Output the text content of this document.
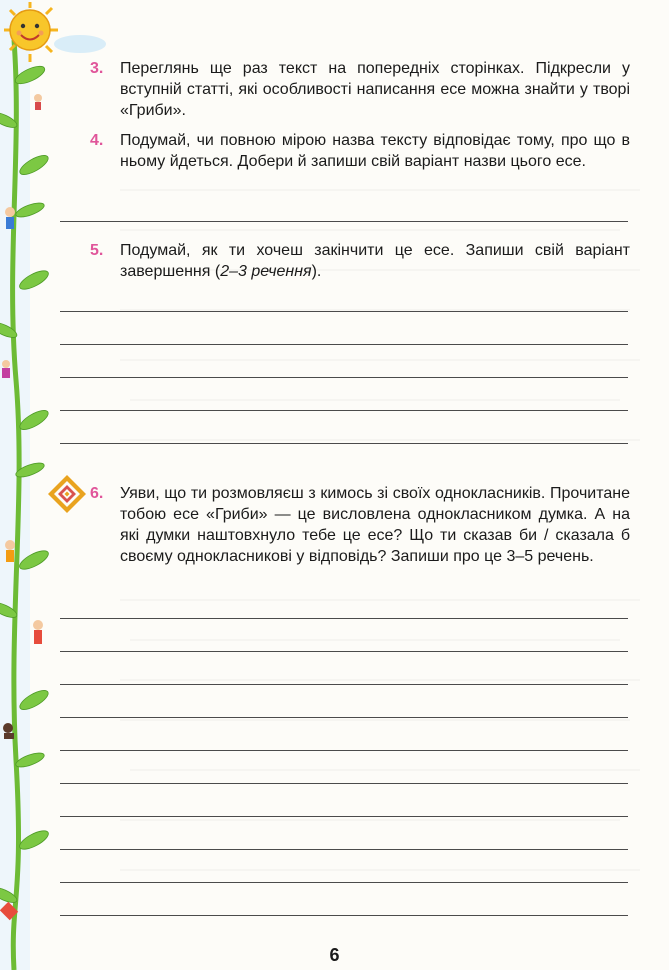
3. Переглянь ще раз текст на попередніх сторінках. Підкресли у вступній статті, які особливості написання есе можна знайти у творі «Гриби».
4. Подумай, чи повною мірою назва тексту відповідає тому, про що в ньому йдеться. Добери й запиши свій варіант назви цього есе.
5. Подумай, як ти хочеш закінчити це есе. Запиши свій варіант завершення (2–3 речення).
6. Уяви, що ти розмовляєш з кимось зі своїх однокласників. Прочитане тобою есе «Гриби» — це висловлена однокласником думка. А на які думки наштовхнуло тебе це есе? Що ти сказав би / сказала б своєму однокласникові у відповідь? Запиши про це 3–5 речень.
6
